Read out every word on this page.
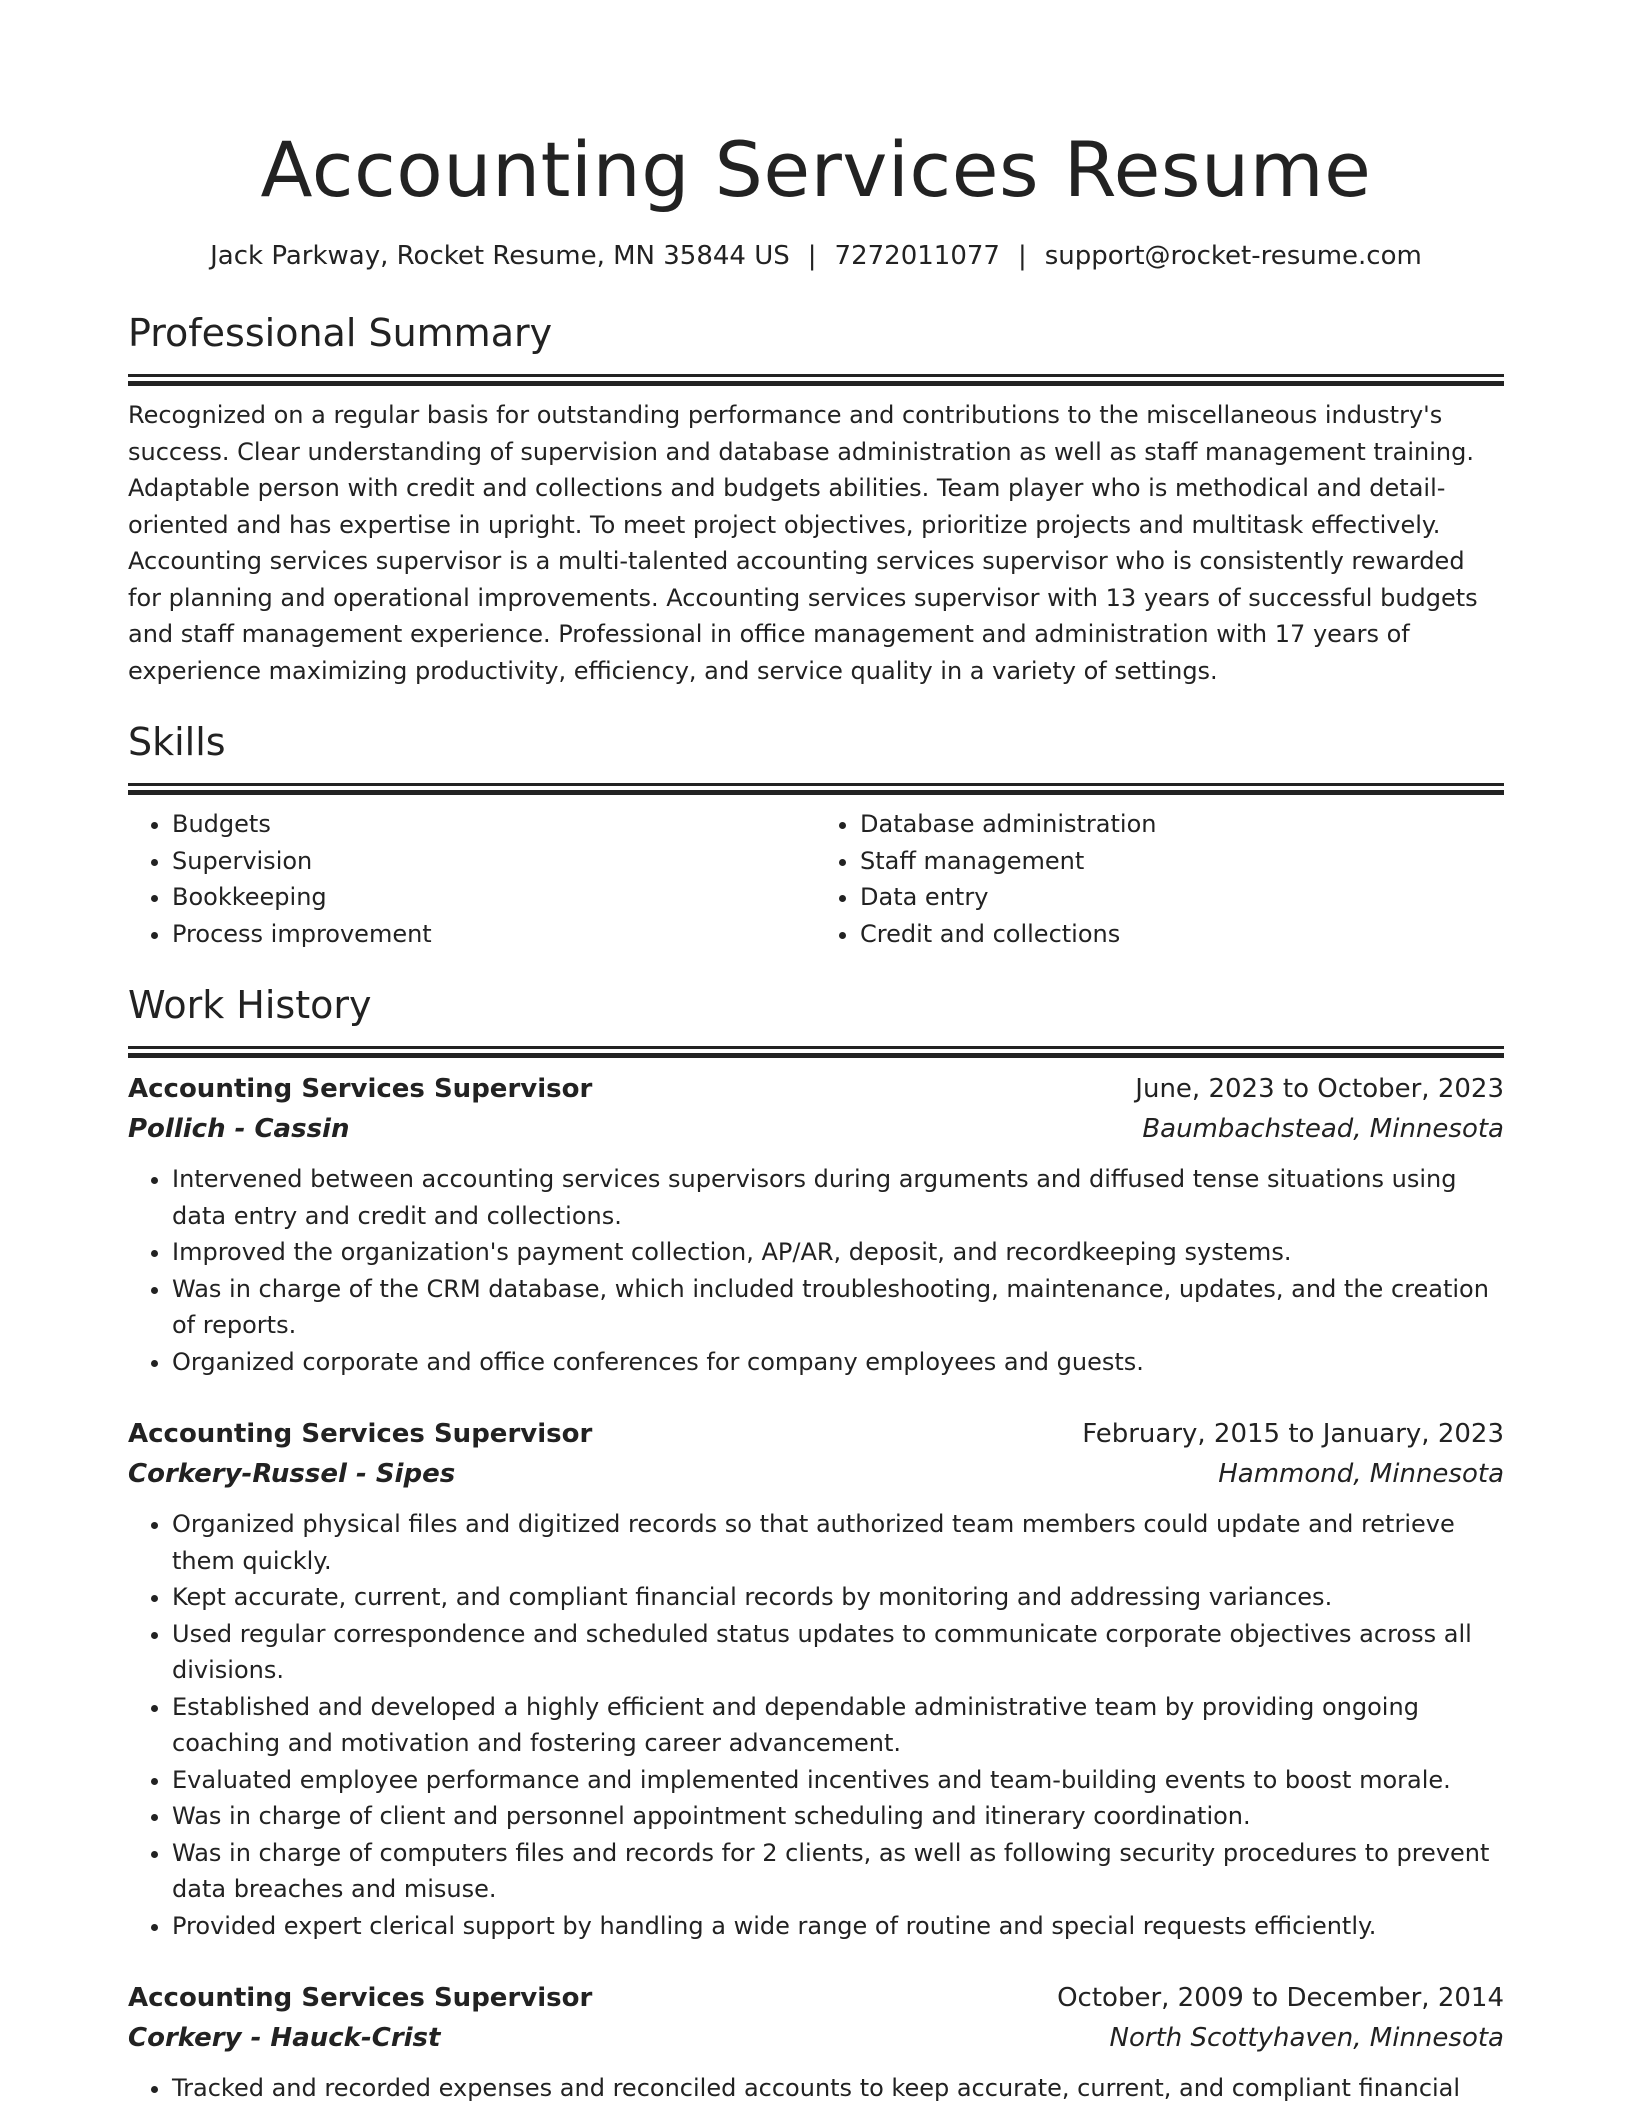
Accounting Services Resume
Jack Parkway, Rocket Resume, MN 35844 US | 7272011077 | support@rocket-resume.com
Professional Summary
Recognized on a regular basis for outstanding performance and contributions to the miscellaneous industry's success. Clear understanding of supervision and database administration as well as staff management training. Adaptable person with credit and collections and budgets abilities. Team player who is methodical and detail-oriented and has expertise in upright. To meet project objectives, prioritize projects and multitask effectively. Accounting services supervisor is a multi-talented accounting services supervisor who is consistently rewarded for planning and operational improvements. Accounting services supervisor with 13 years of successful budgets and staff management experience. Professional in office management and administration with 17 years of experience maximizing productivity, efficiency, and service quality in a variety of settings.
Skills
• Budgets
• Supervision
• Bookkeeping
• Process improvement
• Database administration
• Staff management
• Data entry
• Credit and collections
Work History
Accounting Services Supervisor	June, 2023 to October, 2023
Pollich - Cassin	Baumbachstead, Minnesota
• Intervened between accounting services supervisors during arguments and diffused tense situations using data entry and credit and collections.
• Improved the organization's payment collection, AP/AR, deposit, and recordkeeping systems.
• Was in charge of the CRM database, which included troubleshooting, maintenance, updates, and the creation of reports.
• Organized corporate and office conferences for company employees and guests.
Accounting Services Supervisor	February, 2015 to January, 2023
Corkery-Russel - Sipes	Hammond, Minnesota
• Organized physical files and digitized records so that authorized team members could update and retrieve them quickly.
• Kept accurate, current, and compliant financial records by monitoring and addressing variances.
• Used regular correspondence and scheduled status updates to communicate corporate objectives across all divisions.
• Established and developed a highly efficient and dependable administrative team by providing ongoing coaching and motivation and fostering career advancement.
• Evaluated employee performance and implemented incentives and team-building events to boost morale.
• Was in charge of client and personnel appointment scheduling and itinerary coordination.
• Was in charge of computers files and records for 2 clients, as well as following security procedures to prevent data breaches and misuse.
• Provided expert clerical support by handling a wide range of routine and special requests efficiently.
Accounting Services Supervisor	October, 2009 to December, 2014
Corkery - Hauck-Crist	North Scottyhaven, Minnesota
• Tracked and recorded expenses and reconciled accounts to keep accurate, current, and compliant financial
